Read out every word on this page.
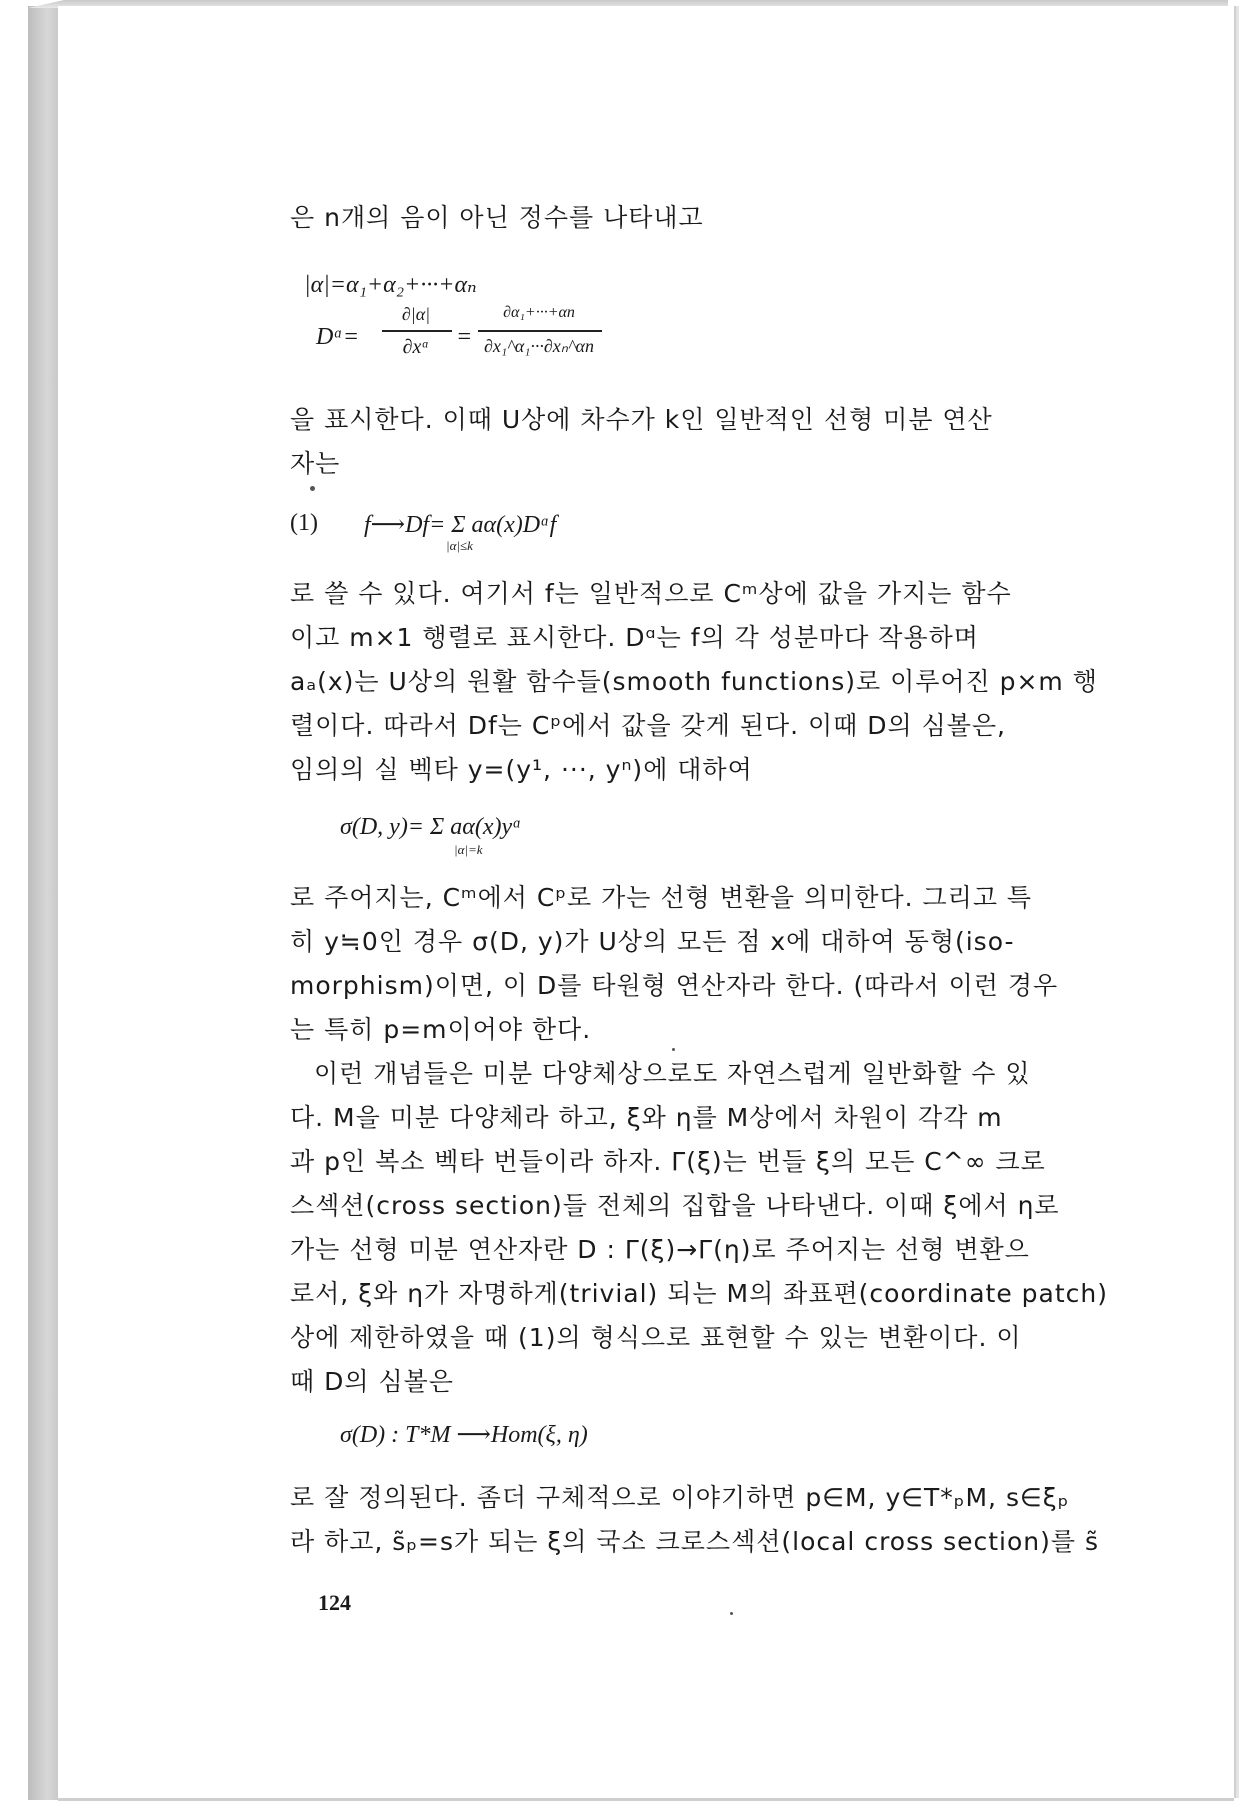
은 n개의 음이 아닌 정수를 나타내고
|α|=α₁+α₂+···+αₙ
Dᵅ=
∂|α|
∂xᵅ	=
∂α₁+···+αn
∂x₁^α₁···∂xₙ^αn
을 표시한다. 이때 U상에 차수가 k인 일반적인 선형 미분 연산
자는
(1) f⟶Df= Σ aα(x)Dᵅf
|α|≤k
로 쓸 수 있다. 여기서 f는 일반적으로 Cᵐ상에 값을 가지는 함수
이고 m×1 행렬로 표시한다. Dᵅ는 f의 각 성분마다 작용하며
aₐ(x)는 U상의 원활 함수들(smooth functions)로 이루어진 p×m 행
렬이다. 따라서 Df는 Cᵖ에서 값을 갖게 된다. 이때 D의 심볼은,
임의의 실 벡타 y=(y¹, ···, yⁿ)에 대하여
σ(D, y)= Σ aα(x)yᵅ
|α|=k
로 주어지는, Cᵐ에서 Cᵖ로 가는 선형 변환을 의미한다. 그리고 특
히 y≒0인 경우 σ(D, y)가 U상의 모든 점 x에 대하여 동형(iso-
morphism)이면, 이 D를 타원형 연산자라 한다. (따라서 이런 경우
는 특히 p=m이어야 한다.
이런 개념들은 미분 다양체상으로도 자연스럽게 일반화할 수 있
다. M을 미분 다양체라 하고, ξ와 η를 M상에서 차원이 각각 m
과 p인 복소 벡타 번들이라 하자. Γ(ξ)는 번들 ξ의 모든 C^∞ 크로
스섹션(cross section)들 전체의 집합을 나타낸다. 이때 ξ에서 η로
가는 선형 미분 연산자란 D : Γ(ξ)→Γ(η)로 주어지는 선형 변환으
로서, ξ와 η가 자명하게(trivial) 되는 M의 좌표편(coordinate patch)
상에 제한하였을 때 (1)의 형식으로 표현할 수 있는 변환이다. 이
때 D의 심볼은
σ(D) : T*M ⟶Hom(ξ, η)
로 잘 정의된다. 좀더 구체적으로 이야기하면 p∈M, y∈T*ₚM, s∈ξₚ
라 하고, s̃ₚ=s가 되는 ξ의 국소 크로스섹션(local cross section)를 s̃
124
